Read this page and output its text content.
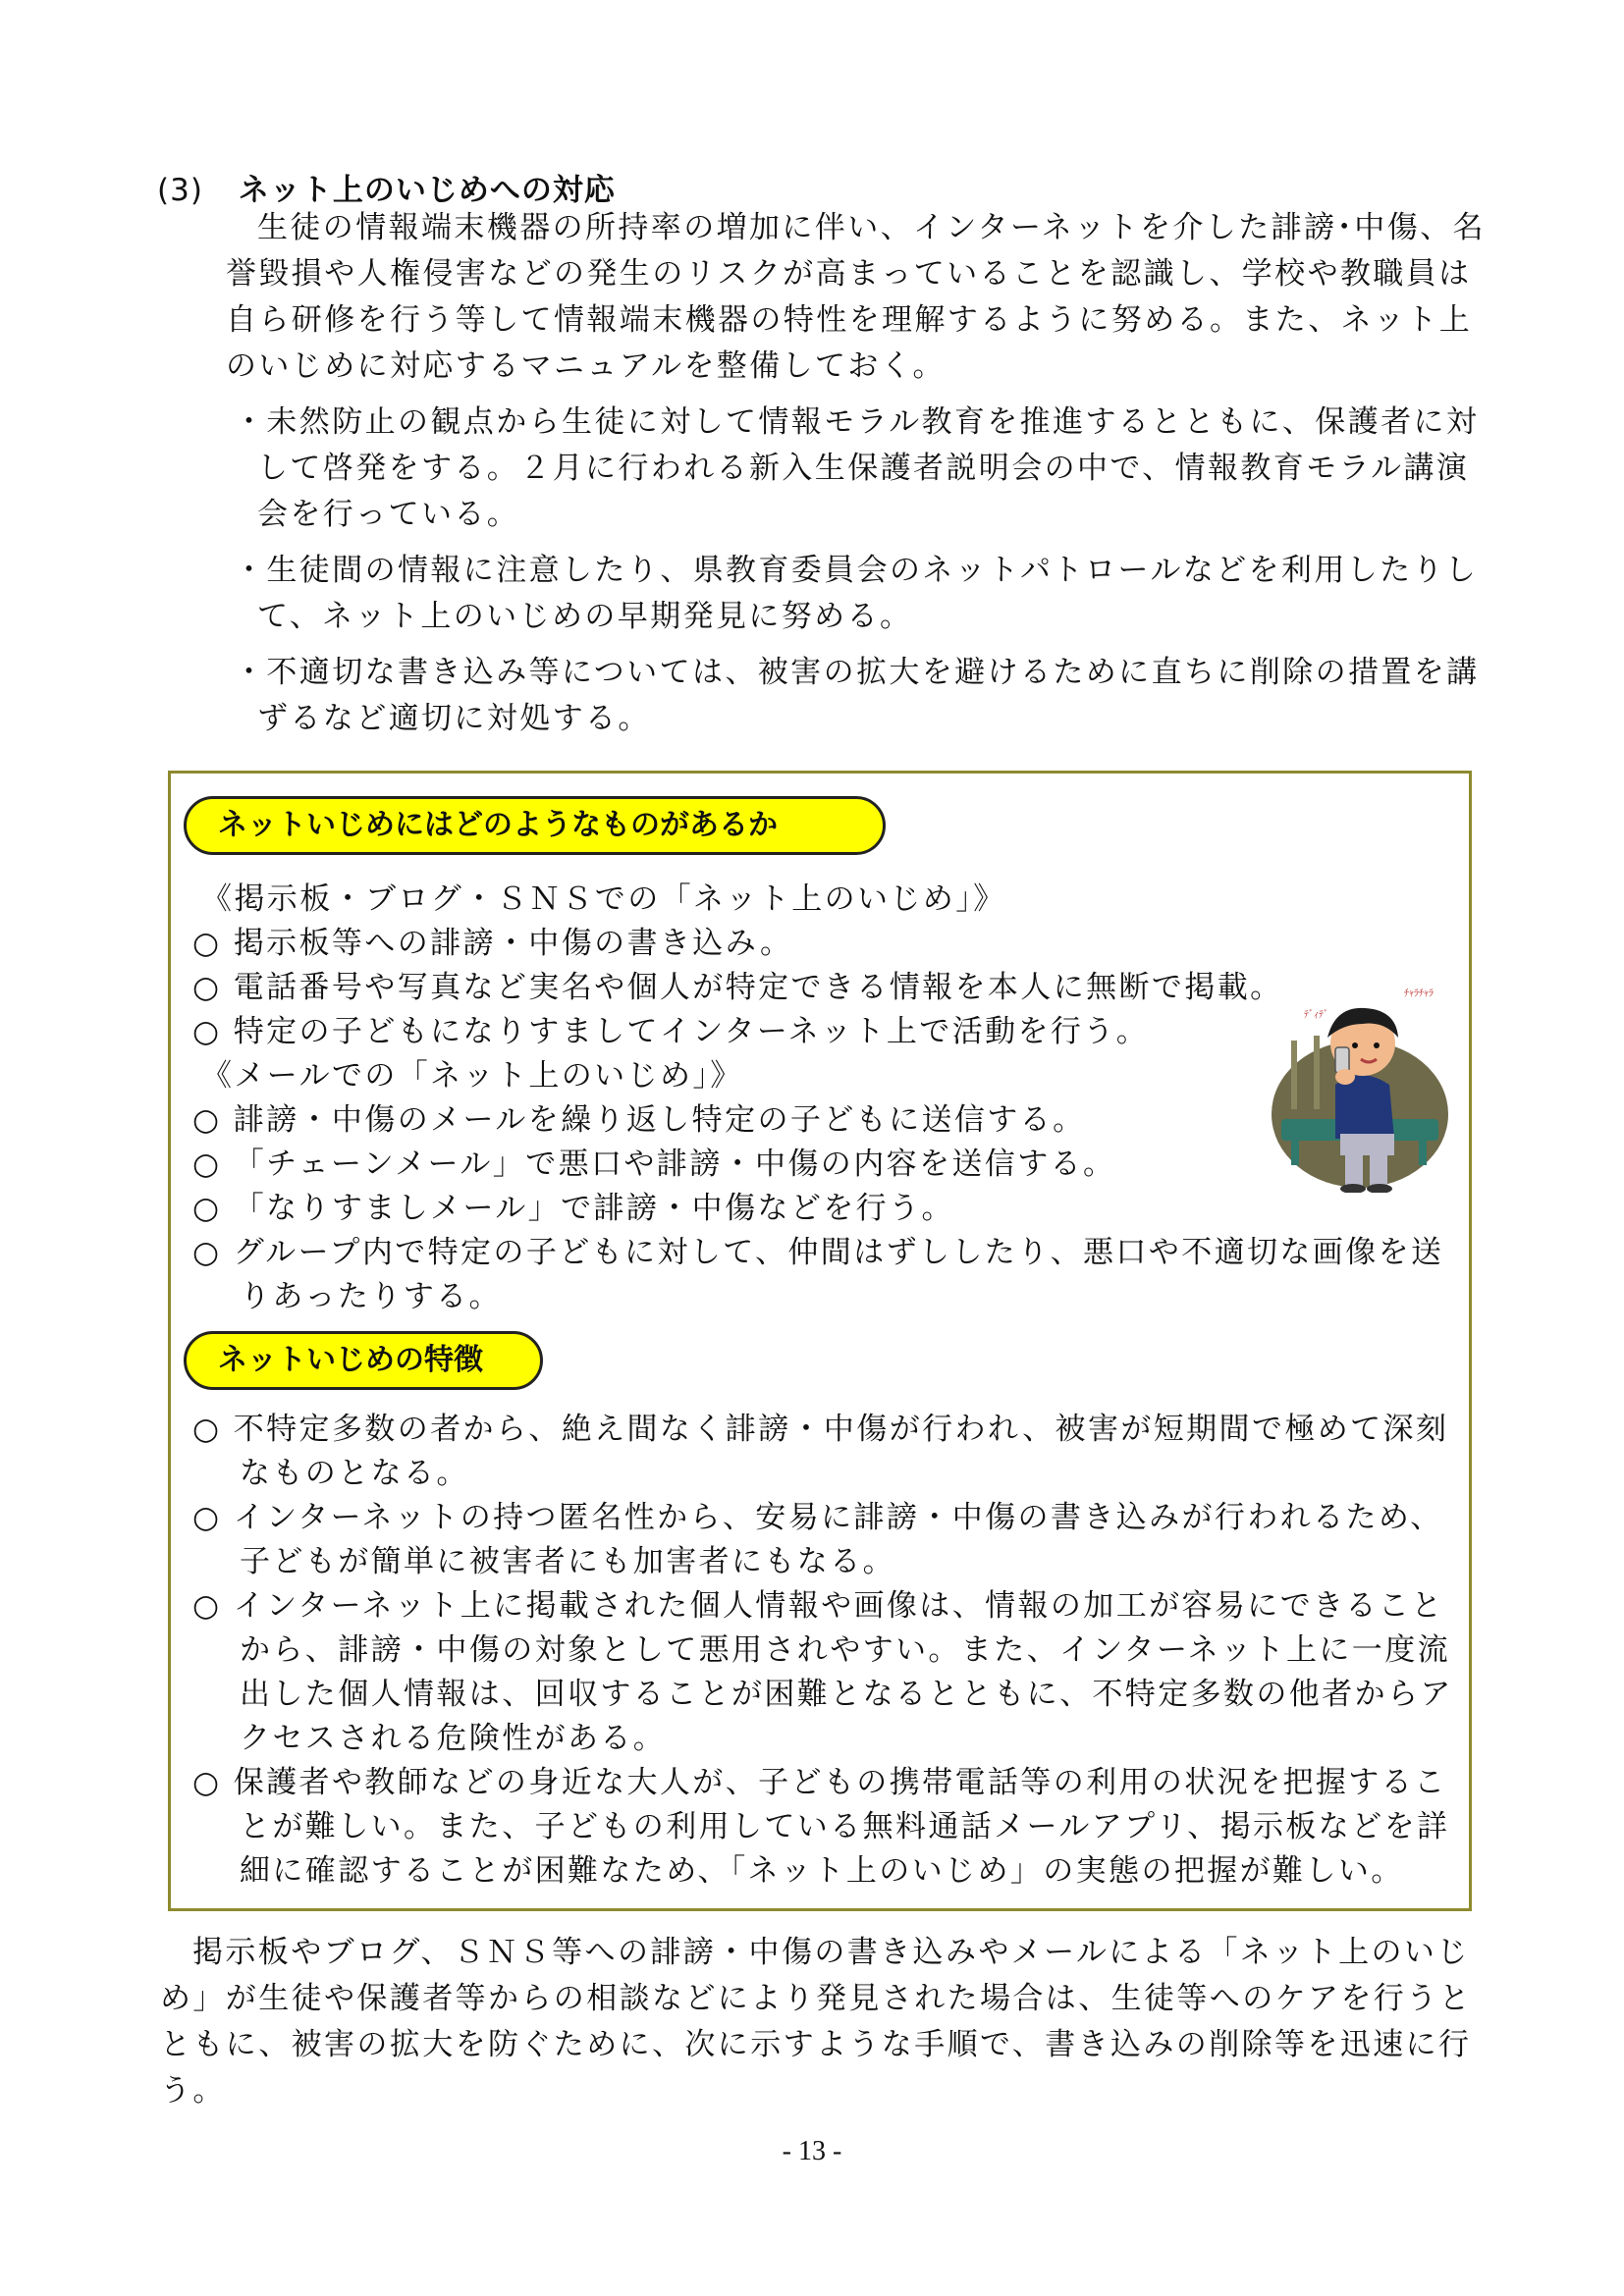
(3) ネット上のいじめへの対応
生徒の情報端末機器の所持率の増加に伴い、インターネットを介した誹謗･中傷、名
誉毀損や人権侵害などの発生のリスクが高まっていることを認識し、学校や教職員は
自ら研修を行う等して情報端末機器の特性を理解するように努める。また、ネット上
のいじめに対応するマニュアルを整備しておく。
・未然防止の観点から生徒に対して情報モラル教育を推進するとともに、保護者に対
して啓発をする。２月に行われる新入生保護者説明会の中で、情報教育モラル講演
会を行っている。
・生徒間の情報に注意したり、県教育委員会のネットパトロールなどを利用したりし
て、ネット上のいじめの早期発見に努める。
・不適切な書き込み等については、被害の拡大を避けるために直ちに削除の措置を講
ずるなど適切に対処する。
ネットいじめにはどのようなものがあるか
《掲示板・ブログ・ＳＮＳでの「ネット上のいじめ」》
○ 掲示板等への誹謗・中傷の書き込み。
○ 電話番号や写真など実名や個人が特定できる情報を本人に無断で掲載。
○ 特定の子どもになりすましてインターネット上で活動を行う。
《メールでの「ネット上のいじめ」》
○ 誹謗・中傷のメールを繰り返し特定の子どもに送信する。
○ 「チェーンメール」で悪口や誹謗・中傷の内容を送信する。
○ 「なりすましメール」で誹謗・中傷などを行う。
○ グループ内で特定の子どもに対して、仲間はずししたり、悪口や不適切な画像を送
りあったりする。
ネットいじめの特徴
○ 不特定多数の者から、絶え間なく誹謗・中傷が行われ、被害が短期間で極めて深刻
なものとなる。
○ インターネットの持つ匿名性から、安易に誹謗・中傷の書き込みが行われるため、
子どもが簡単に被害者にも加害者にもなる。
○ インターネット上に掲載された個人情報や画像は、情報の加工が容易にできること
から、誹謗・中傷の対象として悪用されやすい。また、インターネット上に一度流
出した個人情報は、回収することが困難となるとともに、不特定多数の他者からア
クセスされる危険性がある。
○ 保護者や教師などの身近な大人が、子どもの携帯電話等の利用の状況を把握するこ
とが難しい。また、子どもの利用している無料通話メールアプリ、掲示板などを詳
細に確認することが困難なため、「ネット上のいじめ」の実態の把握が難しい。
ﾁｬﾗﾁｬﾗ
ﾃﾞｨﾃﾞ
掲示板やブログ、ＳＮＳ等への誹謗・中傷の書き込みやメールによる「ネット上のいじ
め」が生徒や保護者等からの相談などにより発見された場合は、生徒等へのケアを行うと
ともに、被害の拡大を防ぐために、次に示すような手順で、書き込みの削除等を迅速に行
う。
- 13 -
